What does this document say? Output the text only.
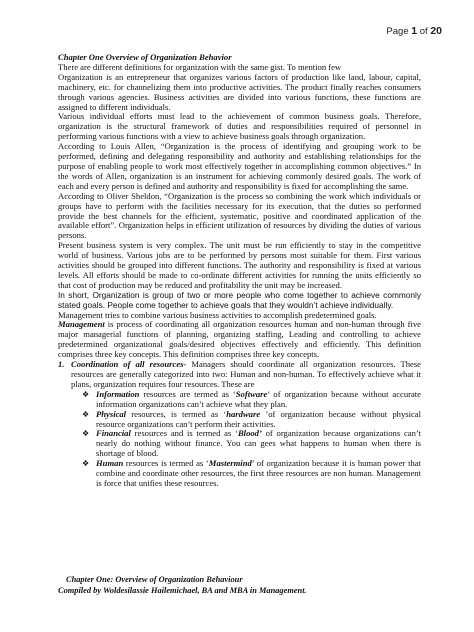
Page 1 of 20

Chapter One Overview of Organization Behavior

There are different definitions for organization with the same gist. To mention few

Organization is an entrepreneur that organizes various factors of production like land, labour, capital, machinery, etc. for channelizing them into productive activities. The product finally reaches consumers through various agencies. Business activities are divided into various functions, these functions are assigned to different individuals.

Various individual efforts must lead to the achievement of common business goals. Therefore, organization is the structural framework of duties and responsibilities required of personnel in performing various functions with a view to achieve business goals through organization.

According to Louis Allen, “Organization is the process of identifying and grouping work to be performed, defining and delegating responsibility and authority and establishing relationships for the purpose of enabling people to work most effectively together in accomplishing common objectives.” In the words of Allen, organization is an instrument for achieving commonly desired goals. The work of each and every person is defined and authority and responsibility is fixed for accomplishing the same.

According to Oliver Sheldon, “Organization is the process so combining the work which individuals or groups have to perform with the facilities necessary for its execution, that the duties so performed provide the best channels for the efficient, systematic, positive and coordinated application of the available effort”. Organization helps in efficient utilization of resources by dividing the duties of various persons.

Present business system is very complex. The unit must be run efficiently to stay in the competitive world of business. Various jobs are to be performed by persons most suitable for them. First various activities should be grouped into different functions. The authority and responsibility is fixed at various levels. All efforts should be made to co-ordinate different activities for running the units efficiently so that cost of production may be reduced and profitability the unit may be increased.

In short, Organization is group of two or more people who come together to achieve commonly stated goals. People come together to achieve goals that they wouldn’t achieve individually.

Management tries to combine various business activities to accomplish predetermined goals.

Management is process of coordinating all organization resources human and non-human through five major managerial functions of planning, organizing staffing, Leading and controlling to achieve predetermined organizational goals/desired objectives effectively and efficiently. This definition comprises three key concepts. This definition comprises three key concepts.

1. Coordination of all resources- Managers should coordinate all organization resources. These resources are generally categorized into two: Human and non-human. To effectively achieve what it plans, organization requires four resources. These are
❖ Information resources are termed as ‘Software’ of organization because without accurate information organizations can’t achieve what they plan.
❖ Physical resources, is termed as ‘hardware ’of organization because without physical resource organizations can’t perform their activities.
❖ Financial resources and is termed as ‘Blood’ of organization because organizations can’t nearly do nothing without finance. You can gees what happens to human when there is shortage of blood.
❖ Human resources is termed as ‘Mastermind’ of organization because it is human power that combine and coordinate other resources, the first three resources are non human. Management is force that unifies these resources.
Chapter One: Overview of Organization Behaviour
Compiled by Woldesilassie Hailemichael, BA and MBA in Management.
